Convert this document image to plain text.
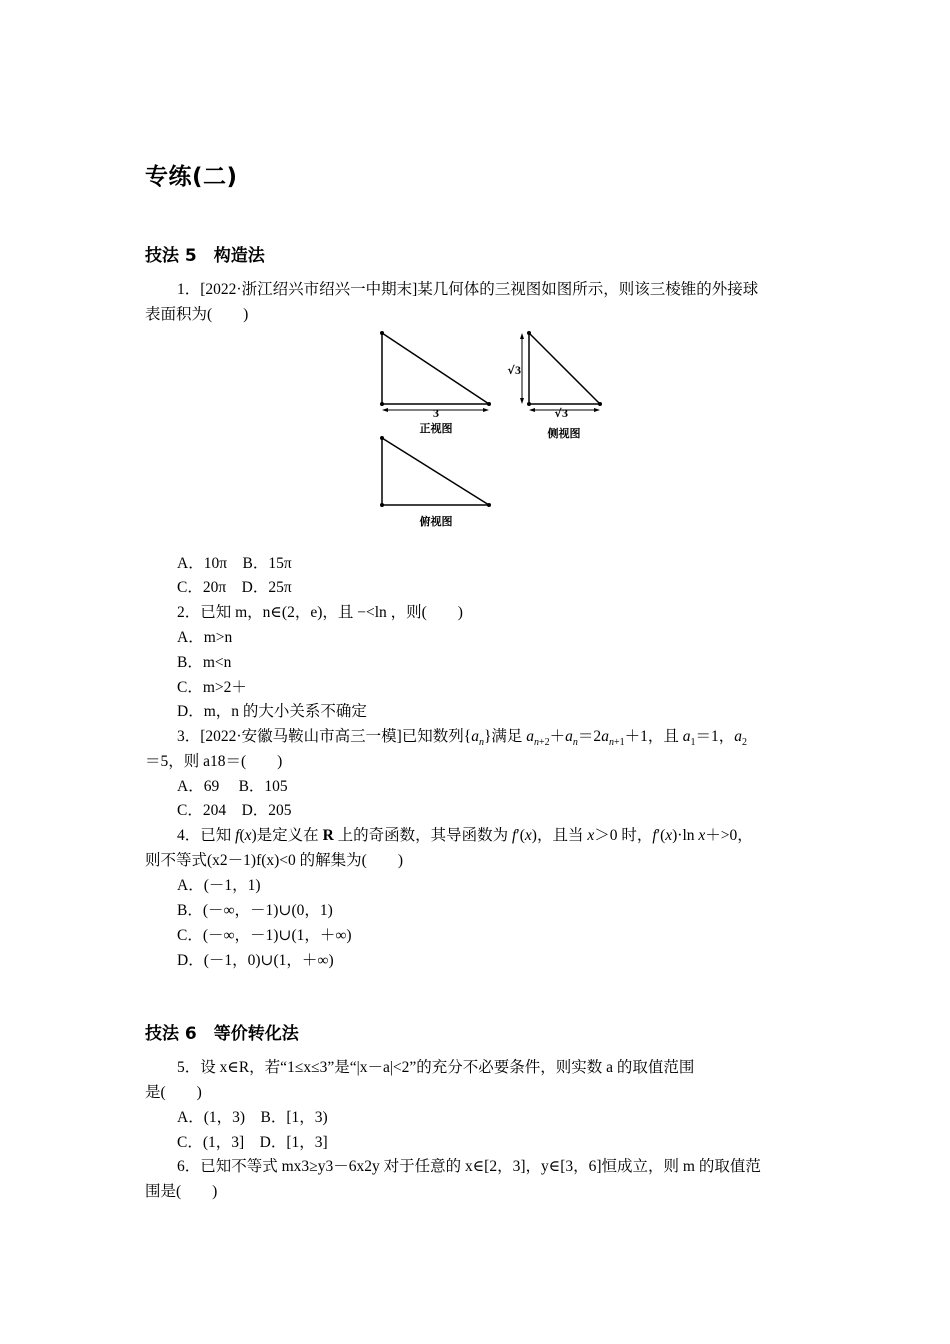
专练(二)
技法 5　 构造法
1．[2022·浙江绍兴市绍兴一中期末]某几何体的三视图如图所示，则该三棱锥的外接球
表面积为(　　)
3
正视图
√ 3
√ 3
侧视图
俯视图
A．10π　B．15π
C．20π　D．25π
2．已知 m，n∈(2，e)，且 −<ln ，则(　　)
A．m>n
B．m<n
C．m>2＋
D．m，n 的大小关系不确定
3．[2022·安徽马鞍山市高三一模]已知数列$\{a_n\}$满足 $a_{n+2}+a_n=2a_{n+1}+1$，且 $a_1=1$，$a_2$
＝5，则 a18＝(　　)
A．69　 B．105
C．204　D．205
4．已知 f(x)是定义在 R 上的奇函数，其导函数为 f′(x)，且当 x＞0 时，f′(x)·ln x＋>0，
则不等式(x2－1)f(x)<0 的解集为(　　)
A．(－1，1)
B．(－∞，－1)∪(0，1)
C．(－∞，－1)∪(1，＋∞)
D．(－1，0)∪(1，＋∞)
技法 6　 等价转化法
5．设 x∈R，若“1≤x≤3”是“|x－a|<2”的充分不必要条件，则实数 a 的取值范围
是(　　)
A．(1，3)　B．[1，3)
C．(1，3]　D．[1，3]
6．已知不等式 mx3≥y3－6x2y 对于任意的 x∈[2，3]，y∈[3，6]恒成立，则 m 的取值范
围是(　　)
